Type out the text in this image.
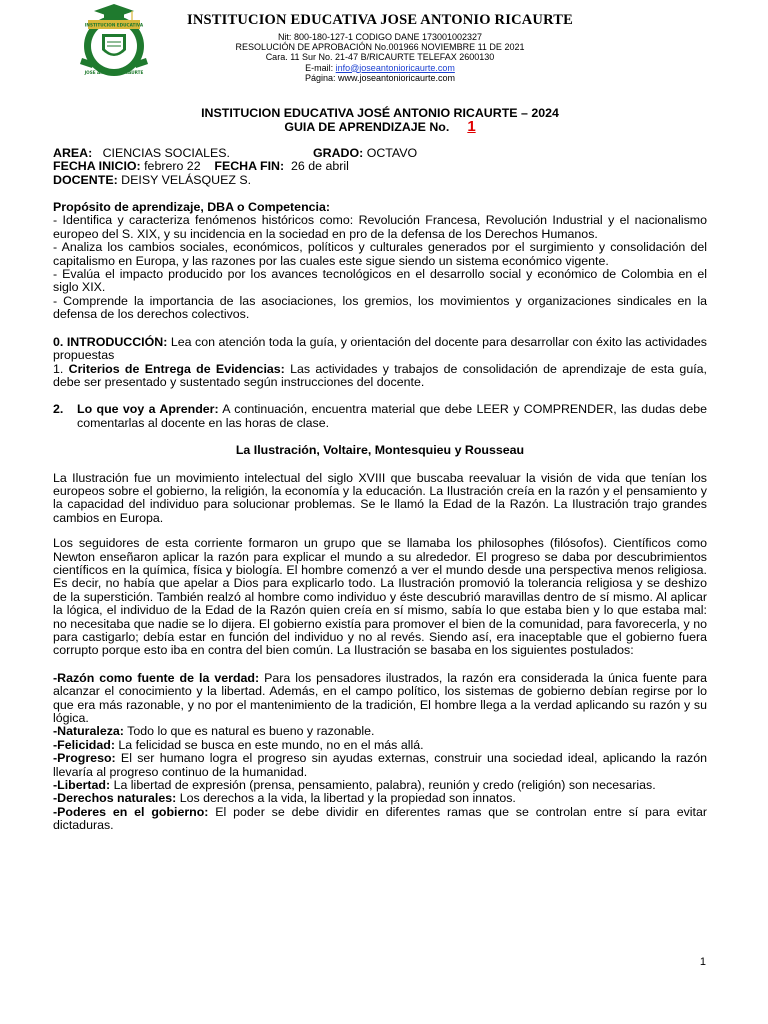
INSTITUCION EDUCATIVA
JOSE ANTONIO RICAURTE
INSTITUCION EDUCATIVA JOSE ANTONIO RICAURTE
Nit: 800-180-127-1 CODIGO DANE 173001002327
RESOLUCIÓN DE APROBACIÓN No.001966 NOVIEMBRE 11 DE 2021
Cara. 11 Sur No. 21-47 B/RICAURTE TELEFAX 2600130
E-mail: info@joseantonioricaurte.com
Página: www.joseantonioricaurte.com

INSTITUCION EDUCATIVA JOSÉ ANTONIO RICAURTE – 2024

GUIA DE APRENDIZAJE No. 1

AREA: CIENCIAS SOCIALES.	GRADO: OCTAVO
FECHA INICIO: febrero 22 FECHA FIN: 26 de abril
DOCENTE: DEISY VELÁSQUEZ S.

Propósito de aprendizaje, DBA o Competencia:

- Identifica y caracteriza fenómenos históricos como: Revolución Francesa, Revolución Industrial y el nacionalismo europeo del S. XIX, y su incidencia en la sociedad en pro de la defensa de los Derechos Humanos.

- Analiza los cambios sociales, económicos, políticos y culturales generados por el surgimiento y consolidación del capitalismo en Europa, y las razones por las cuales este sigue siendo un sistema económico vigente.

- Evalúa el impacto producido por los avances tecnológicos en el desarrollo social y económico de Colombia en el siglo XIX.

- Comprende la importancia de las asociaciones, los gremios, los movimientos y organizaciones sindicales en la defensa de los derechos colectivos.

0. INTRODUCCIÓN: Lea con atención toda la guía, y orientación del docente para desarrollar con éxito las actividades propuestas

1. Criterios de Entrega de Evidencias: Las actividades y trabajos de consolidación de aprendizaje de esta guía, debe ser presentado y sustentado según instrucciones del docente.

2.	Lo que voy a Aprender: A continuación, encuentra material que debe LEER y COMPRENDER, las dudas debe comentarlas al docente en las horas de clase.

La Ilustración, Voltaire, Montesquieu y Rousseau

La Ilustración fue un movimiento intelectual del siglo XVIII que buscaba reevaluar la visión de vida que tenían los europeos sobre el gobierno, la religión, la economía y la educación. La Ilustración creía en la razón y el pensamiento y la capacidad del individuo para solucionar problemas. Se le llamó la Edad de la Razón. La Ilustración trajo grandes cambios en Europa.

Los seguidores de esta corriente formaron un grupo que se llamaba los philosophes (filósofos). Científicos como Newton enseñaron aplicar la razón para explicar el mundo a su alrededor. El progreso se daba por descubrimientos científicos en la química, física y biología. El hombre comenzó a ver el mundo desde una perspectiva menos religiosa. Es decir, no había que apelar a Dios para explicarlo todo. La Ilustración promovió la tolerancia religiosa y se deshizo de la superstición. También realzó al hombre como individuo y éste descubrió maravillas dentro de sí mismo. Al aplicar la lógica, el individuo de la Edad de la Razón quien creía en sí mismo, sabía lo que estaba bien y lo que estaba mal: no necesitaba que nadie se lo dijera. El gobierno existía para promover el bien de la comunidad, para favorecerla, y no para castigarlo; debía estar en función del individuo y no al revés. Siendo así, era inaceptable que el gobierno fuera corrupto porque esto iba en contra del bien común. La Ilustración se basaba en los siguientes postulados:

-Razón como fuente de la verdad: Para los pensadores ilustrados, la razón era considerada la única fuente para alcanzar el conocimiento y la libertad. Además, en el campo político, los sistemas de gobierno debían regirse por lo que era más razonable, y no por el mantenimiento de la tradición, El hombre llega a la verdad aplicando su razón y su lógica.

-Naturaleza: Todo lo que es natural es bueno y razonable.

-Felicidad: La felicidad se busca en este mundo, no en el más allá.

-Progreso: El ser humano logra el progreso sin ayudas externas, construir una sociedad ideal, aplicando la razón llevaría al progreso continuo de la humanidad.

-Libertad: La libertad de expresión (prensa, pensamiento, palabra), reunión y credo (religión) son necesarias.

-Derechos naturales: Los derechos a la vida, la libertad y la propiedad son innatos.

-Poderes en el gobierno: El poder se debe dividir en diferentes ramas que se controlan entre sí para evitar dictaduras.

1
